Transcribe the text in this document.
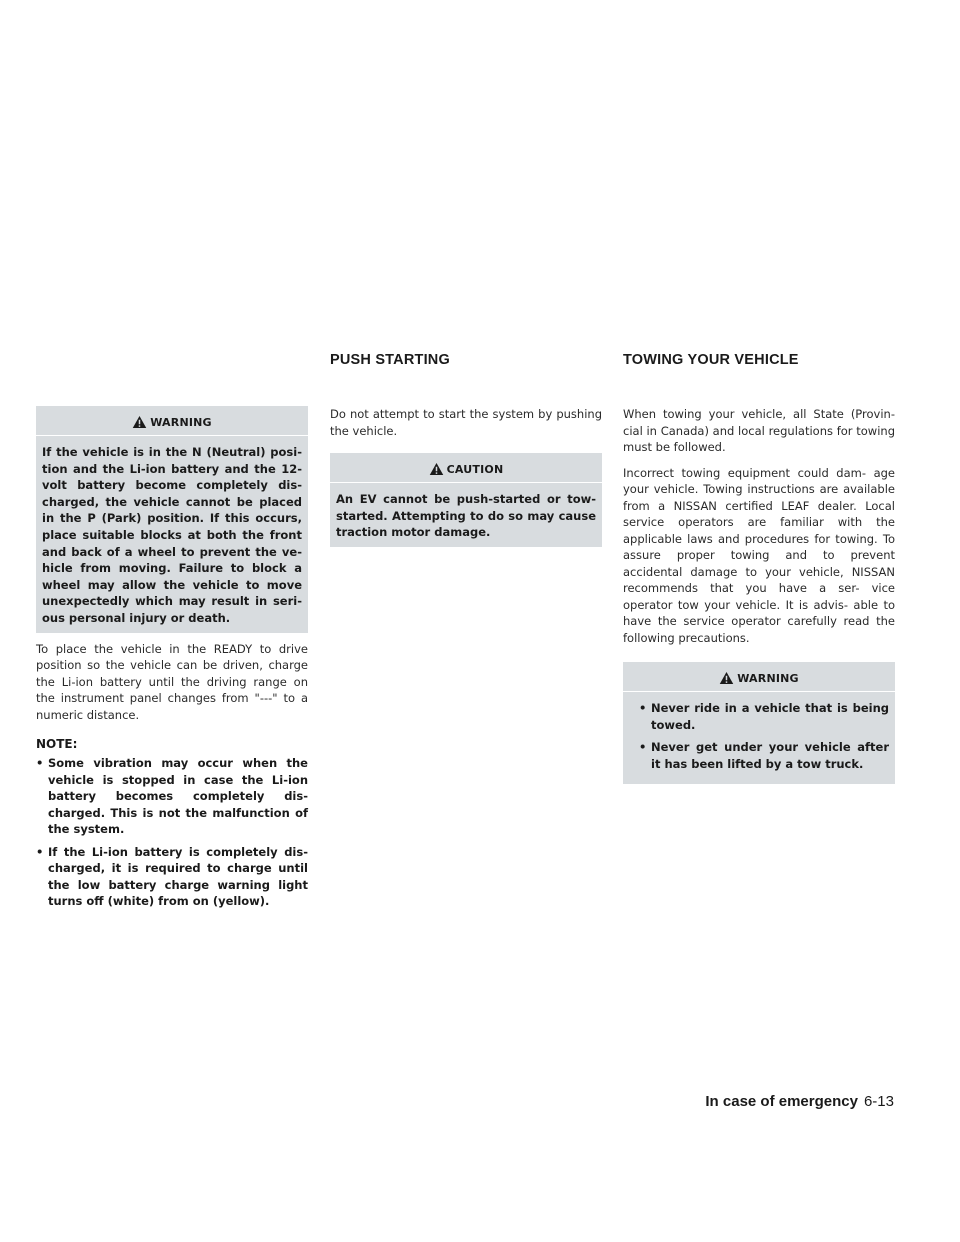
PUSH STARTING	TOWING YOUR VEHICLE
WARNING
If the vehicle is in the N (Neutral) posi- tion and the Li-ion battery and the 12- volt battery become completely dis- charged, the vehicle cannot be placed in the P (Park) position. If this occurs, place suitable blocks at both the front and back of a wheel to prevent the ve- hicle from moving. Failure to block a wheel may allow the vehicle to move unexpectedly which may result in seri- ous personal injury or death.

To place the vehicle in the READY to drive position so the vehicle can be driven, charge the Li-ion battery until the driving range on the instrument panel changes from "---" to a numeric distance.

NOTE:
• Some vibration may occur when the vehicle is stopped in case the Li-ion battery becomes completely dis- charged. This is not the malfunction of the system.
• If the Li-ion battery is completely dis- charged, it is required to charge until the low battery charge warning light turns off (white) from on (yellow).

Do not attempt to start the system by pushing the vehicle.

CAUTION
An EV cannot be push-started or tow- started. Attempting to do so may cause traction motor damage.

When towing your vehicle, all State (Provin- cial in Canada) and local regulations for towing must be followed.

Incorrect towing equipment could dam- age your vehicle. Towing instructions are available from a NISSAN certified LEAF dealer. Local service operators are familiar with the applicable laws and procedures for towing. To assure proper towing and to prevent accidental damage to your vehicle, NISSAN recommends that you have a ser- vice operator tow your vehicle. It is advis- able to have the service operator carefully read the following precautions.

WARNING
• Never ride in a vehicle that is being towed.
• Never get under your vehicle after it has been lifted by a tow truck.
In case of emergency 6-13
